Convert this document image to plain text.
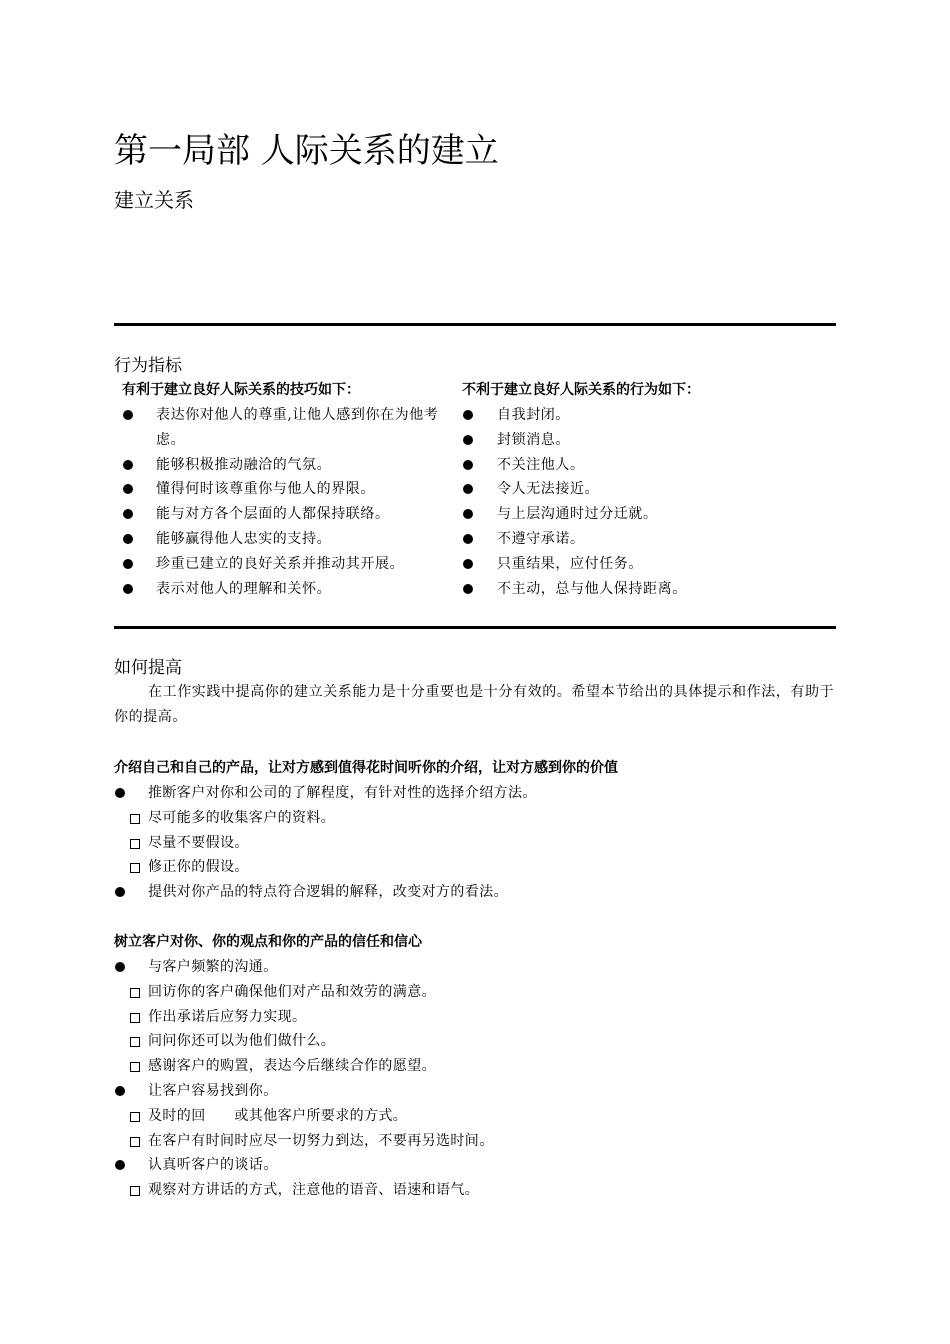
第一局部 人际关系的建立
建立关系
行为指标
有利于建立良好人际关系的技巧如下：
表达你对他人的尊重,让他人感到你在为他考虑。
能够积极推动融洽的气氛。
懂得何时该尊重你与他人的界限。
能与对方各个层面的人都保持联络。
能够赢得他人忠实的支持。
珍重已建立的良好关系并推动其开展。
表示对他人的理解和关怀。
不利于建立良好人际关系的行为如下：
自我封闭。
封锁消息。
不关注他人。
令人无法接近。
与上层沟通时过分迁就。
不遵守承诺。
只重结果，应付任务。
不主动，总与他人保持距离。
如何提高
在工作实践中提高你的建立关系能力是十分重要也是十分有效的。希望本节给出的具体提示和作法，有助于你的提高。
介绍自己和自己的产品，让对方感到值得花时间听你的介绍，让对方感到你的价值
推断客户对你和公司的了解程度，有针对性的选择介绍方法。
尽可能多的收集客户的资料。
尽量不要假设。
修正你的假设。
提供对你产品的特点符合逻辑的解释，改变对方的看法。
树立客户对你、你的观点和你的产品的信任和信心
与客户频繁的沟通。
回访你的客户确保他们对产品和效劳的满意。
作出承诺后应努力实现。
问问你还可以为他们做什么。
感谢客户的购置，表达今后继续合作的愿望。
让客户容易找到你。
及时的回　　或其他客户所要求的方式。
在客户有时间时应尽一切努力到达，不要再另选时间。
认真听客户的谈话。
观察对方讲话的方式，注意他的语音、语速和语气。
